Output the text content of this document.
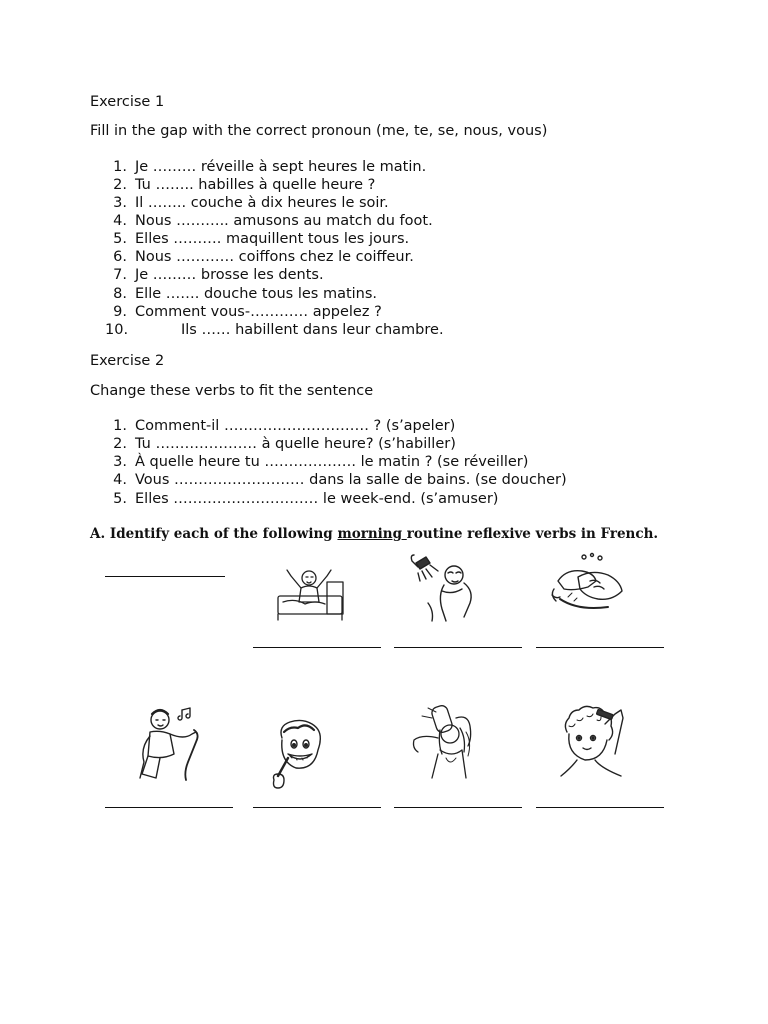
Exercise 1
Fill in the gap with the correct pronoun (me, te, se, nous, vous)
1. Je ……… réveille à sept heures le matin.
2. Tu …….. habilles à quelle heure ?
3. Il …….. couche à dix heures le soir.
4. Nous ……….. amusons au match du foot.
5. Elles ………. maquillent tous les jours.
6. Nous ………… coiffons chez le coiffeur.
7. Je ……… brosse les dents.
8. Elle ……. douche tous les matins.
9. Comment vous-………… appelez ?
10.	Ils …… habillent dans leur chambre.
Exercise 2
Change these verbs to fit the sentence
1. Comment-il ………………………… ? (s’apeler)
2. Tu ………………… à quelle heure? (s’habiller)
3. À quelle heure tu ………………. le matin ? (se réveiller)
4. Vous ……………………… dans la salle de bains. (se doucher)
5. Elles ………………………… le week-end. (s’amuser)
A. Identify each of the following morning routine reflexive verbs in French.
